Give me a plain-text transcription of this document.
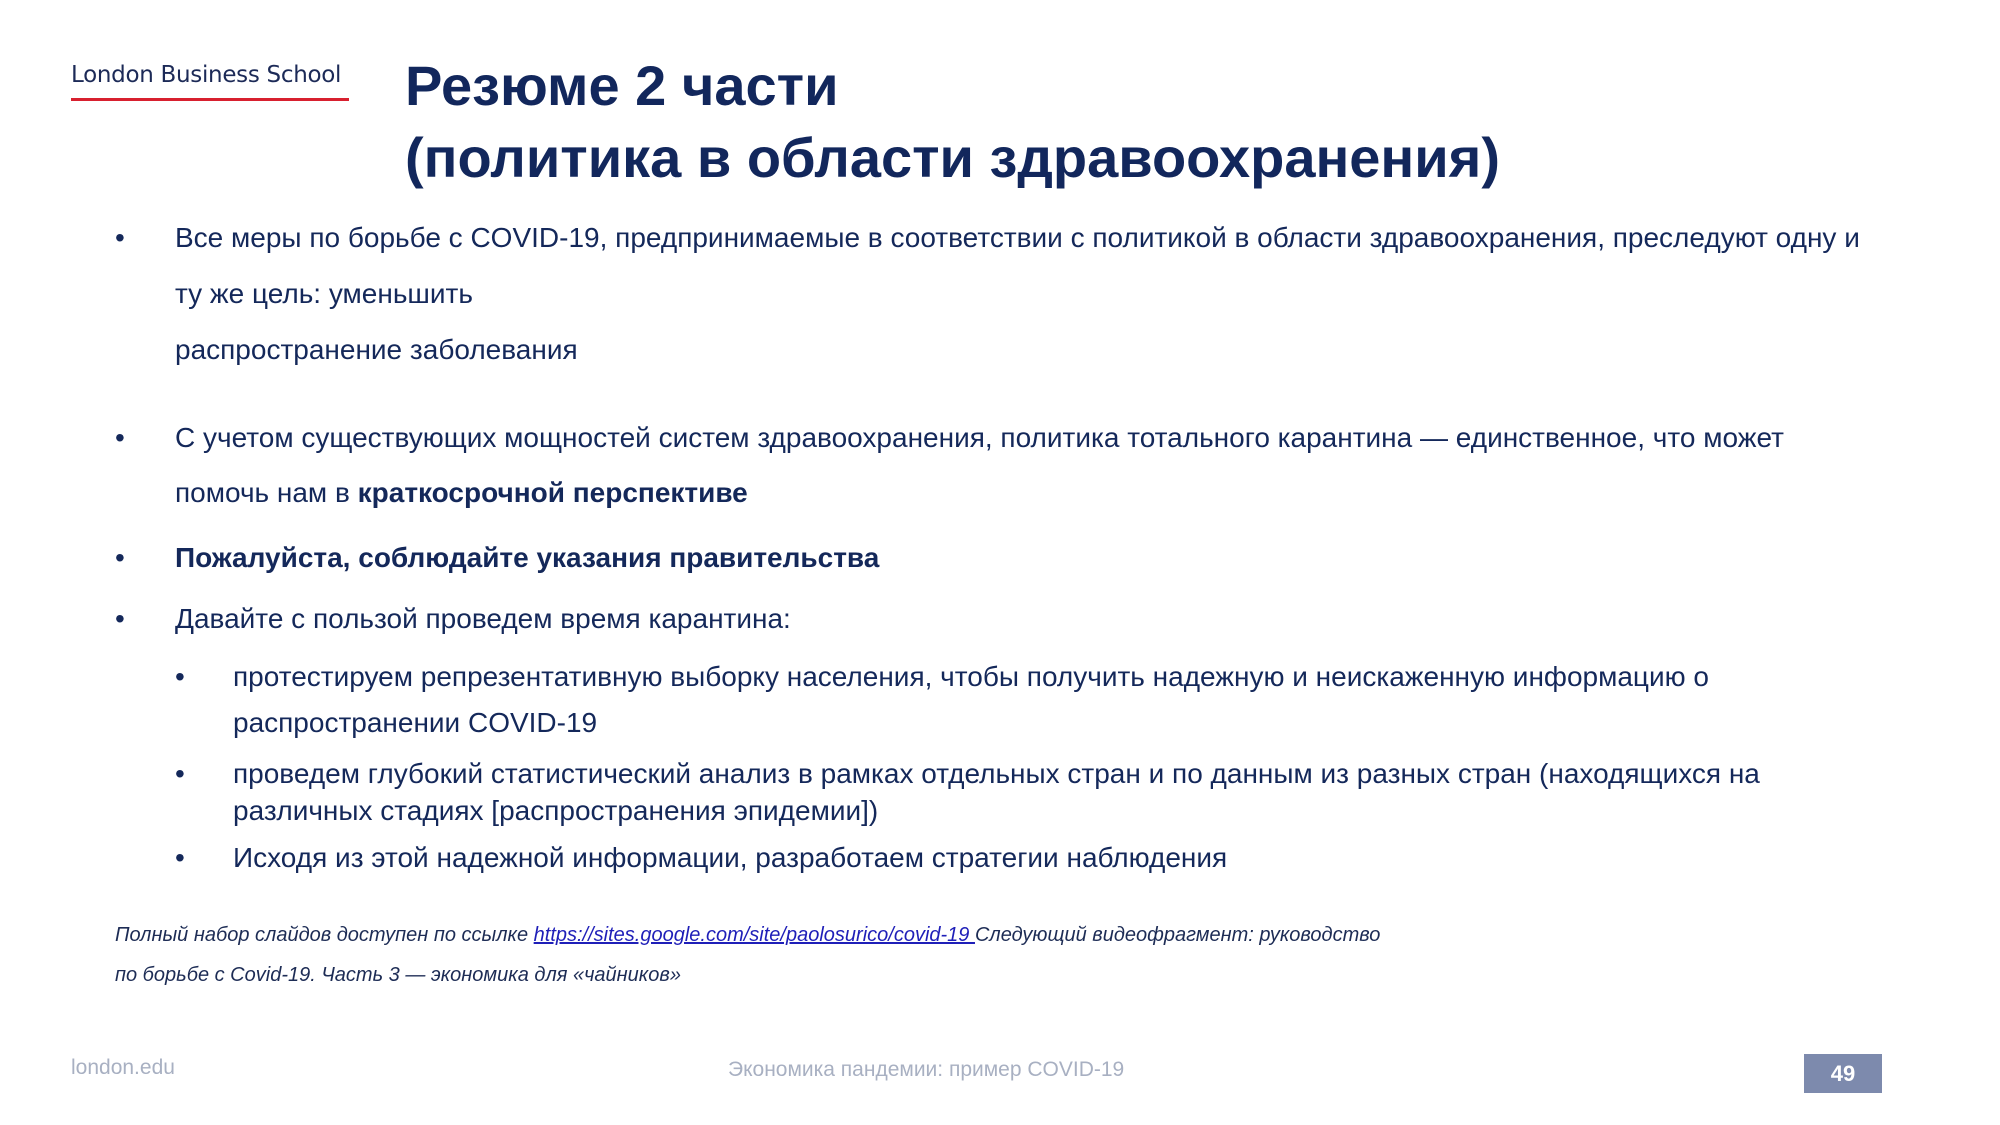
London Business School Резюме 2 части
(политика в области здравоохранения)
•	Все меры по борьбе с COVID-19, предпринимаемые в соответствии с политикой в области здравоохранения, преследуют одну и
ту же цель: уменьшить
распространение заболевания
•	С учетом существующих мощностей систем здравоохранения, политика тотального карантина — единственное, что может
помочь нам в краткосрочной перспективе
•	Пожалуйста, соблюдайте указания правительства
•	Давайте с пользой проведем время карантина:
•	протестируем репрезентативную выборку населения, чтобы получить надежную и неискаженную информацию о
распространении COVID-19
•	проведем глубокий статистический анализ в рамках отдельных стран и по данным из разных стран (находящихся на
различных стадиях [распространения эпидемии])
•	Исходя из этой надежной информации, разработаем стратегии наблюдения
Полный набор слайдов доступен по ссылке https://sites.google.com/site/paolosurico/covid-19 Следующий видеофрагмент: руководство
по борьбе с Covid-19. Часть 3 — экономика для «чайников»
london.edu	Экономика пандемии: пример COVID-19	49
